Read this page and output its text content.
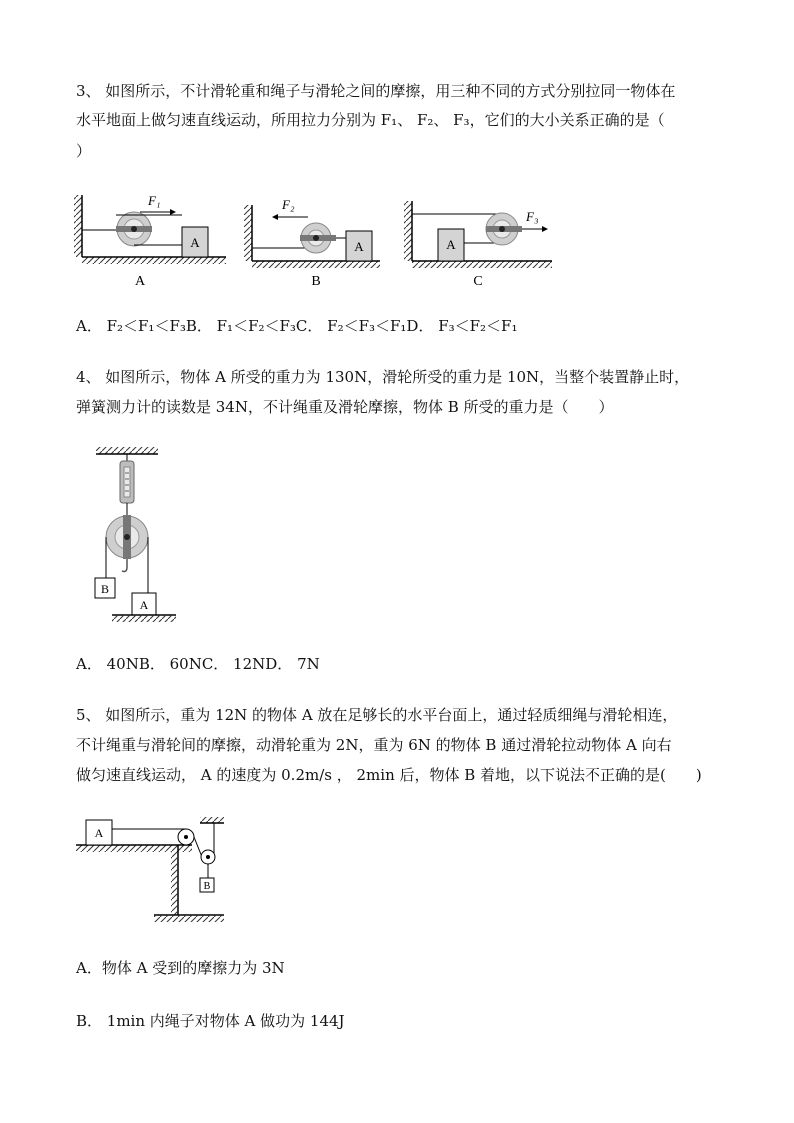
3、 如图所示，不计滑轮重和绳子与滑轮之间的摩擦，用三种不同的方式分别拉同一物体在
水平地面上做匀速直线运动，所用拉力分别为 F₁、 F₂、 F₃，它们的大小关系正确的是（
）
A
F₁
A
A
F₂
B
A
F₃
C
A． F₂＜F₁＜F₃B． F₁＜F₂＜F₃C． F₂＜F₃＜F₁D． F₃＜F₂＜F₁
4、 如图所示，物体 A 所受的重力为 130N，滑轮所受的重力是 10N，当整个装置静止时，
弹簧测力计的读数是 34N，不计绳重及滑轮摩擦，物体 B 所受的重力是（　　）
B
A
A． 40NB． 60NC． 12ND． 7N
5、 如图所示，重为 12N 的物体 A 放在足够长的水平台面上，通过轻质细绳与滑轮相连，
不计绳重与滑轮间的摩擦，动滑轮重为 2N，重为 6N 的物体 B 通过滑轮拉动物体 A 向右
做匀速直线运动， A 的速度为 0.2m/s ， 2min 后，物体 B 着地，以下说法不正确的是(　　)
A
B
A．物体 A 受到的摩擦力为 3N
B． 1min 内绳子对物体 A 做功为 144J
